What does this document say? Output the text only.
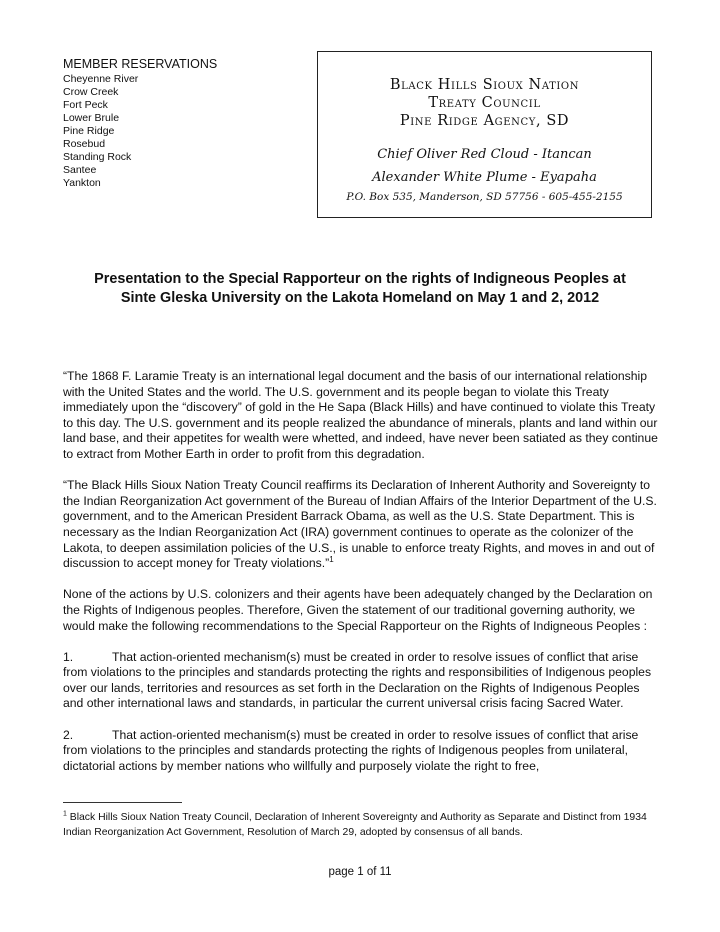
MEMBER RESERVATIONS
Cheyenne River
Crow Creek
Fort Peck
Lower Brule
Pine Ridge
Rosebud
Standing Rock
Santee
Yankton
Black Hills Sioux Nation
Treaty Council
Pine Ridge Agency, SD
Chief Oliver Red Cloud - Itancan
Alexander White Plume - Eyapaha
P.O. Box 535, Manderson, SD 57756 - 605-455-2155
Presentation to the Special Rapporteur on the rights of Indigneous Peoples at
Sinte Gleska University on the Lakota Homeland on May 1 and 2, 2012

“The 1868 F. Laramie Treaty is an international legal document and the basis of our international relationship with the United States and the world. The U.S. government and its people began to violate this Treaty immediately upon the “discovery” of gold in the He Sapa (Black Hills) and have continued to violate this Treaty to this day. The U.S. government and its people realized the abundance of minerals, plants and land within our land base, and their appetites for wealth were whetted, and indeed, have never been satiated as they continue to extract from Mother Earth in order to profit from this degradation.

“The Black Hills Sioux Nation Treaty Council reaffirms its Declaration of Inherent Authority and Sovereignty to the Indian Reorganization Act government of the Bureau of Indian Affairs of the Interior Department of the U.S. government, and to the American President Barrack Obama, as well as the U.S. State Department. This is necessary as the Indian Reorganization Act (IRA) government continues to operate as the colonizer of the Lakota, to deepen assimilation policies of the U.S., is unable to enforce treaty Rights, and moves in and out of discussion to accept money for Treaty violations.”$^1$

None of the actions by U.S. colonizers and their agents have been adequately changed by the Declaration on the Rights of Indigenous peoples. Therefore, Given the statement of our traditional governing authority, we would make the following recommendations to the Special Rapporteur on the Rights of Indigneous Peoples :

1.	That action-oriented mechanism(s) must be created in order to resolve issues of conflict that arise from violations to the principles and standards protecting the rights and responsibilities of Indigenous peoples over our lands, territories and resources as set forth in the Declaration on the Rights of Indigenous Peoples and other international laws and standards, in particular the current universal crisis facing Sacred Water.

2.	That action-oriented mechanism(s) must be created in order to resolve issues of conflict that arise from violations to the principles and standards protecting the rights of Indigenous peoples from unilateral, dictatorial actions by member nations who willfully and purposely violate the right to free,

$^1$ Black Hills Sioux Nation Treaty Council, Declaration of Inherent Sovereignty and Authority as Separate and Distinct from 1934 Indian Reorganization Act Government, Resolution of March 29, adopted by consensus of all bands.
page 1 of 11
